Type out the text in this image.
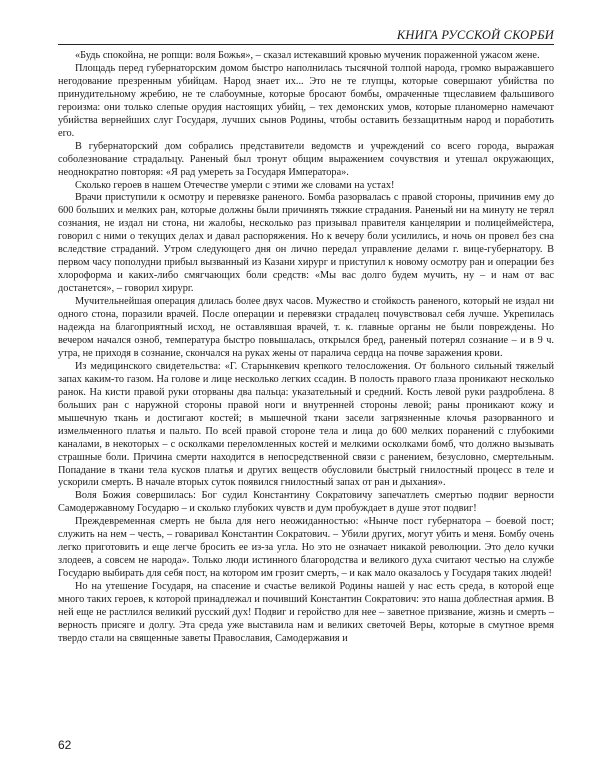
КНИГА РУССКОЙ СКОРБИ

«Будь спокойна, не ропщи: воля Божья», – сказал истекавший кровью мученик пораженной ужасом жене.

Площадь перед губернаторским домом быстро наполнилась тысячной толпой народа, громко выражавшего негодование презренным убийцам. Народ знает их... Это не те глупцы, которые совершают убийства по принудительному жребию, не те слабоумные, которые бросают бомбы, омраченные тщеславием фальшивого героизма: они только слепые орудия настоящих убийц, – тех демонских умов, которые планомерно намечают убийства вернейших слуг Государя, лучших сынов Родины, чтобы оставить беззащитным народ и поработить его.

В губернаторский дом собрались представители ведомств и учреждений со всего города, выражая соболезнование страдальцу. Раненый был тронут общим выражением сочувствия и утешал окружающих, неоднократно повторяя: «Я рад умереть за Государя Императора».

Сколько героев в нашем Отечестве умерли с этими же словами на устах!

Врачи приступили к осмотру и перевязке раненого. Бомба разорвалась с правой стороны, причинив ему до 600 больших и мелких ран, которые должны были причинять тяжкие страдания. Раненый ни на минуту не терял сознания, не издал ни стона, ни жалобы, несколько раз призывал правителя канцелярии и полицеймейстера, говорил с ними о текущих делах и давал распоряжения. Но к вечеру боли усилились, и ночь он провел без сна вследствие страданий. Утром следующего дня он лично передал управление делами г. вице-губернатору. В первом часу пополудни прибыл вызванный из Казани хирург и приступил к новому осмотру ран и операции без хлороформа и каких-либо смягчающих боли средств: «Мы вас долго будем мучить, ну – и нам от вас достанется», – говорил хирург.

Мучительнейшая операция длилась более двух часов. Мужество и стойкость раненого, который не издал ни одного стона, поразили врачей. После операции и перевязки страдалец почувствовал себя лучше. Укрепилась надежда на благоприятный исход, не оставлявшая врачей, т. к. главные органы не были повреждены. Но вечером начался озноб, температура быстро повышалась, открылся бред, раненый потерял сознание – и в 9 ч. утра, не приходя в сознание, скончался на руках жены от паралича сердца на почве заражения крови.

Из медицинского свидетельства: «Г. Старынкевич крепкого телосложения. От больного сильный тяжелый запах каким-то газом. На голове и лице несколько легких ссадин. В полость правого глаза проникают несколько ранок. На кисти правой руки оторваны два пальца: указательный и средний. Кость левой руки раздроблена. 8 больших ран с наружной стороны правой ноги и внутренней стороны левой; раны проникают кожу и мышечную ткань и достигают костей; в мышечной ткани засели загрязненные клочья разорванного и измельченного платья и пальто. По всей правой стороне тела и лица до 600 мелких поранений с глубокими каналами, в некоторых – с осколками переломленных костей и мелкими осколками бомб, что должно вызывать страшные боли. Причина смерти находится в непосредственной связи с ранением, безусловно, смертельным. Попадание в ткани тела кусков платья и других веществ обусловили быстрый гнилостный процесс в теле и ускорили смерть. В начале вторых суток появился гнилостный запах от ран и дыхания».

Воля Божия совершилась: Бог судил Константину Сократовичу запечатлеть смертью подвиг верности Самодержавному Государю – и сколько глубоких чувств и дум пробуждает в душе этот подвиг!

Преждевременная смерть не была для него неожиданностью: «Нынче пост губернатора – боевой пост; служить на нем – честь, – говаривал Константин Сократович. – Убили других, могут убить и меня. Бомбу очень легко приготовить и еще легче бросить ее из-за угла. Но это не означает никакой революции. Это дело кучки злодеев, а совсем не народа». Только люди истинного благородства и великого духа считают честью на службе Государю выбирать для себя пост, на котором им грозит смерть, – и как мало оказалось у Государя таких людей!

Но на утешение Государя, на спасение и счастье великой Родины нашей у нас есть среда, в которой еще много таких героев, к которой принадлежал и почивший Константин Сократович: это наша доблестная армия. В ней еще не растлился великий русский дух! Подвиг и геройство для нее – заветное призвание, жизнь и смерть – верность присяге и долгу. Эта среда уже выставила нам и великих светочей Веры, которые в смутное время твердо стали на священные заветы Православия, Самодержавия и

62
